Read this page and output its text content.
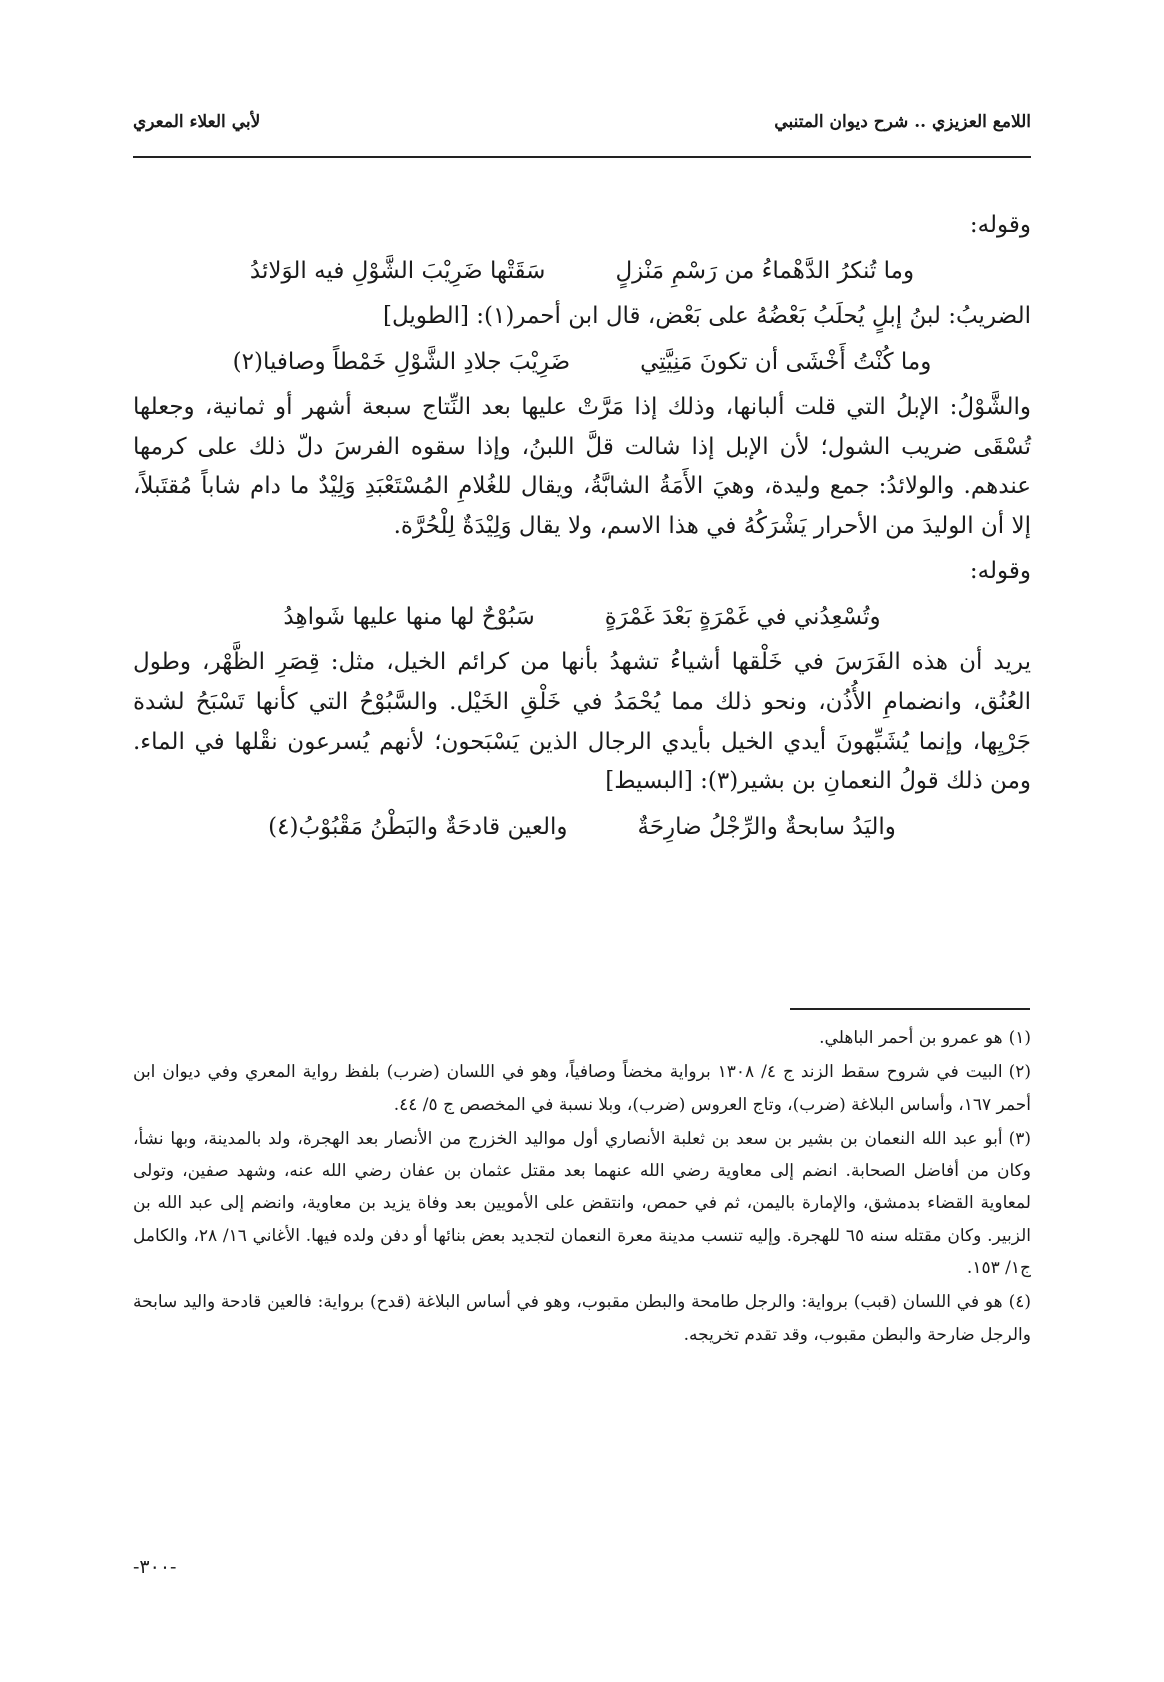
اللامع العزيزي .. شرح ديوان المتنبي
لأبي العلاء المعري

وقوله:

وما تُنكرُ الدَّهْماءُ من رَسْمِ مَنْزلٍ
سَقَتْها ضَرِيْبَ الشَّوْلِ فيه الوَلائدُ

الضريبُ: لبنُ إبلٍ يُحلَبُ بَعْضُهُ على بَعْض، قال ابن أحمر(١): [الطويل]

وما كُنْتُ أَخْشَى أن تكونَ مَنِيَّتِي
ضَرِيْبَ جلادِ الشَّوْلِ خَمْطاً وصافيا(٢)

والشَّوْلُ: الإبلُ التي قلت ألبانها، وذلك إذا مَرَّتْ عليها بعد النِّتاج سبعة أشهر أو ثمانية، وجعلها تُسْقَى ضريب الشول؛ لأن الإبل إذا شالت قلَّ اللبنُ، وإذا سقوه الفرسَ دلّ ذلك على كرمها عندهم. والولائدُ: جمع وليدة، وهيَ الأَمَةُ الشابَّةُ، ويقال للغُلامِ المُسْتَعْبَدِ وَلِيْدٌ ما دام شاباً مُقتَبلاً، إلا أن الوليدَ من الأحرار يَشْرَكُهُ في هذا الاسم، ولا يقال وَلِيْدَةٌ لِلْحُرَّة.

وقوله:

وتُسْعِدُني في غَمْرَةٍ بَعْدَ غَمْرَةٍ
سَبُوْحٌ لها منها عليها شَواهِدُ

يريد أن هذه الفَرَسَ في خَلْقها أشياءُ تشهدُ بأنها من كرائم الخيل، مثل: قِصَرِ الظَّهْر، وطول العُنُق، وانضمامِ الأُذُن، ونحو ذلك مما يُحْمَدُ في خَلْقِ الخَيْل. والسَّبُوْحُ التي كأنها تَسْبَحُ لشدة جَرْيِها، وإنما يُشَبِّهونَ أيدي الخيل بأيدي الرجال الذين يَسْبَحون؛ لأنهم يُسرعون نقْلها في الماء. ومن ذلك قولُ النعمانِ بن بشير(٣): [البسيط]

واليَدُ سابحةٌ والرِّجْلُ ضارِحَةٌ
والعين قادحَةٌ والبَطْنُ مَقْبُوْبُ(٤)

(١)هو عمرو بن أحمر الباهلي.

(٢)البيت في شروح سقط الزند ج ٤/ ١٣٠٨ برواية مخضاً وصافياً، وهو في اللسان (ضرب) بلفظ رواية المعري وفي ديوان ابن أحمر ١٦٧، وأساس البلاغة (ضرب)، وتاج العروس (ضرب)، وبلا نسبة في المخصص ج ٥/ ٤٤.

(٣)أبو عبد الله النعمان بن بشير بن سعد بن ثعلبة الأنصاري أول مواليد الخزرج من الأنصار بعد الهجرة، ولد بالمدينة، وبها نشأ، وكان من أفاضل الصحابة. انضم إلى معاوية رضي الله عنهما بعد مقتل عثمان بن عفان رضي الله عنه، وشهد صفين، وتولى لمعاوية القضاء بدمشق، والإمارة باليمن، ثم في حمص، وانتقض على الأمويين بعد وفاة يزيد بن معاوية، وانضم إلى عبد الله بن الزبير. وكان مقتله سنه ٦٥ للهجرة. وإليه تنسب مدينة معرة النعمان لتجديد بعض بنائها أو دفن ولده فيها. الأغاني ١٦/ ٢٨، والكامل ج١/ ١٥٣.

(٤)هو في اللسان (قبب) برواية: والرجل طامحة والبطن مقبوب، وهو في أساس البلاغة (قدح) برواية: فالعين قادحة واليد سابحة والرجل ضارحة والبطن مقبوب، وقد تقدم تخريجه.

-٣٠٠-
